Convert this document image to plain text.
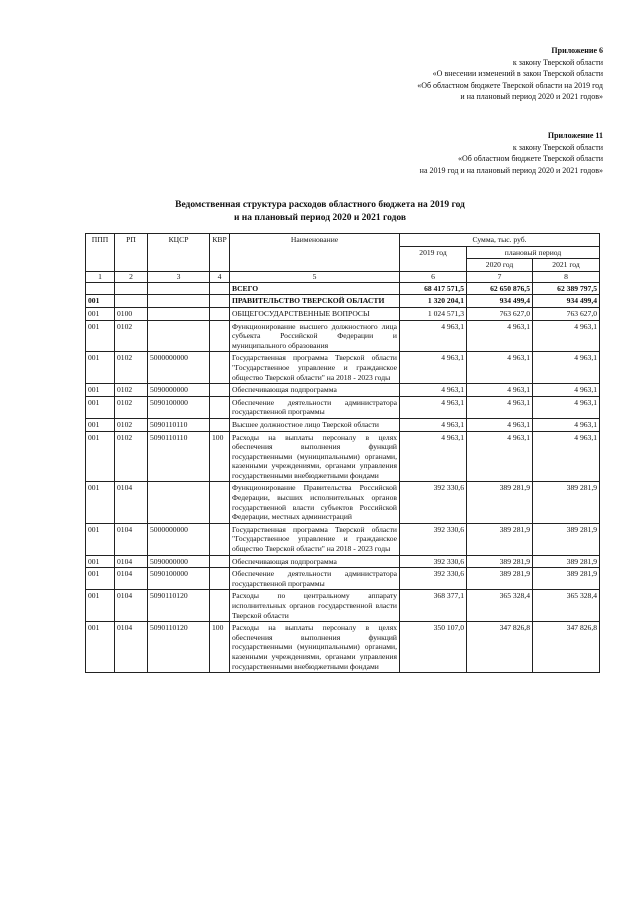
Приложение 6
к закону Тверской области
«О внесении изменений в закон Тверской области
«Об областном бюджете Тверской области на 2019 год
и на плановый период 2020 и 2021 годов»
Приложение 11
к закону Тверской области
«Об областном бюджете Тверской области
на 2019 год и на плановый период 2020 и 2021 годов»
Ведомственная структура расходов областного бюджета на 2019 год
и на плановый период 2020 и 2021 годов
ППП	РП	КЦСР	КВР	Наименование	Сумма, тыс. руб.		
					2019 год	плановый период	
						2020 год	2021 год
1	2	3	4	5	6	7	8
				ВСЕГО	68 417 571,5	62 650 876,5	62 389 797,5
001				ПРАВИТЕЛЬСТВО ТВЕРСКОЙ ОБЛАСТИ	1 320 204,1	934 499,4	934 499,4
001	0100			ОБЩЕГОСУДАРСТВЕННЫЕ ВОПРОСЫ	1 024 571,3	763 627,0	763 627,0
001	0102			Функционирование высшего должностного лица субъекта Российской Федерации и муниципального образования	4 963,1	4 963,1	4 963,1
001	0102	5000000000		Государственная программа Тверской области "Государственное управление и гражданское общество Тверской области" на 2018 - 2023 годы	4 963,1	4 963,1	4 963,1
001	0102	5090000000		Обеспечивающая подпрограмма	4 963,1	4 963,1	4 963,1
001	0102	5090100000		Обеспечение деятельности администратора государственной программы	4 963,1	4 963,1	4 963,1
001	0102	5090110110		Высшее должностное лицо Тверской области	4 963,1	4 963,1	4 963,1
001	0102	5090110110	100	Расходы на выплаты персоналу в целях обеспечения выполнения функций государственными (муниципальными) органами, казенными учреждениями, органами управления государственными внебюджетными фондами	4 963,1	4 963,1	4 963,1
001	0104			Функционирование Правительства Российской Федерации, высших исполнительных органов государственной власти субъектов Российской Федерации, местных администраций	392 330,6	389 281,9	389 281,9
001	0104	5000000000		Государственная программа Тверской области "Государственное управление и гражданское общество Тверской области" на 2018 - 2023 годы	392 330,6	389 281,9	389 281,9
001	0104	5090000000		Обеспечивающая подпрограмма	392 330,6	389 281,9	389 281,9
001	0104	5090100000		Обеспечение деятельности администратора государственной программы	392 330,6	389 281,9	389 281,9
001	0104	5090110120		Расходы по центральному аппарату исполнительных органов государственной власти Тверской области	368 377,1	365 328,4	365 328,4
001	0104	5090110120	100	Расходы на выплаты персоналу в целях обеспечения выполнения функций государственными (муниципальными) органами, казенными учреждениями, органами управления государственными внебюджетными фондами	350 107,0	347 826,8	347 826,8
